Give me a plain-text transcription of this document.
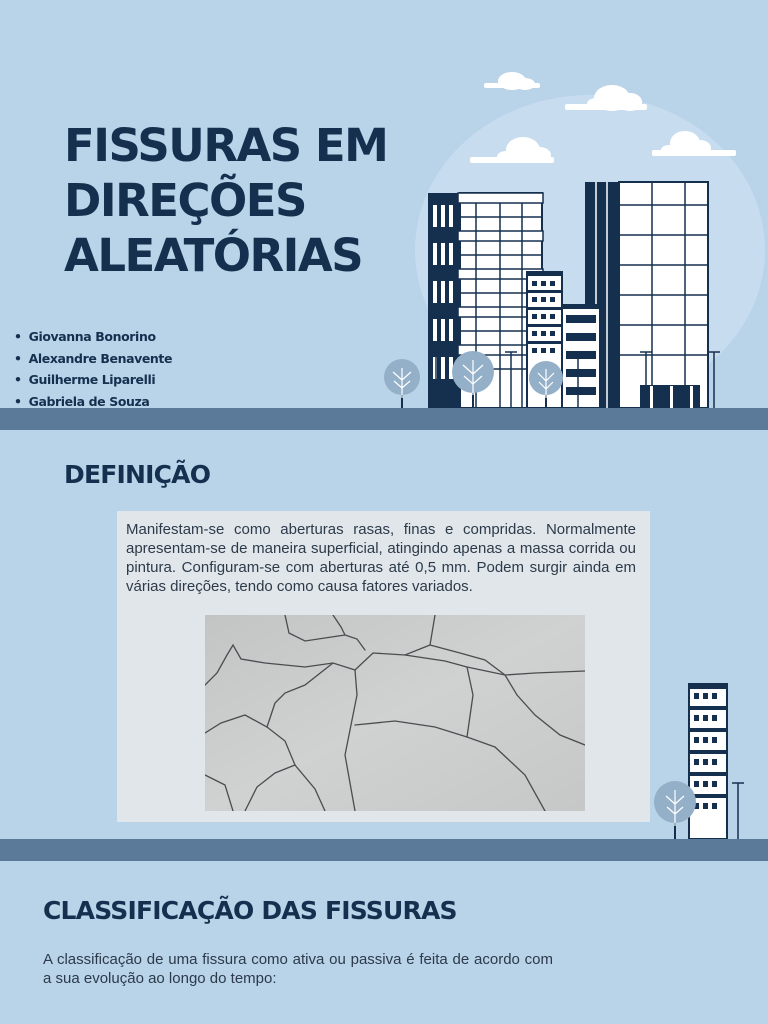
FISSURAS EM
DIREÇÕES
ALEATÓRIAS
• Giovanna Bonorino
• Alexandre Benavente
• Guilherme Liparelli
• Gabriela de Souza
DEFINIÇÃO

Manifestam-se como aberturas rasas, finas e compridas. Normalmente apresentam-se de maneira superficial, atingindo apenas a massa corrida ou pintura. Configuram-se com aberturas até 0,5 mm. Podem surgir ainda em várias direções, tendo como causa fatores variados.

CLASSIFICAÇÃO DAS FISSURAS

A classificação de uma fissura como ativa ou passiva é feita de acordo com a sua evolução ao longo do tempo:
